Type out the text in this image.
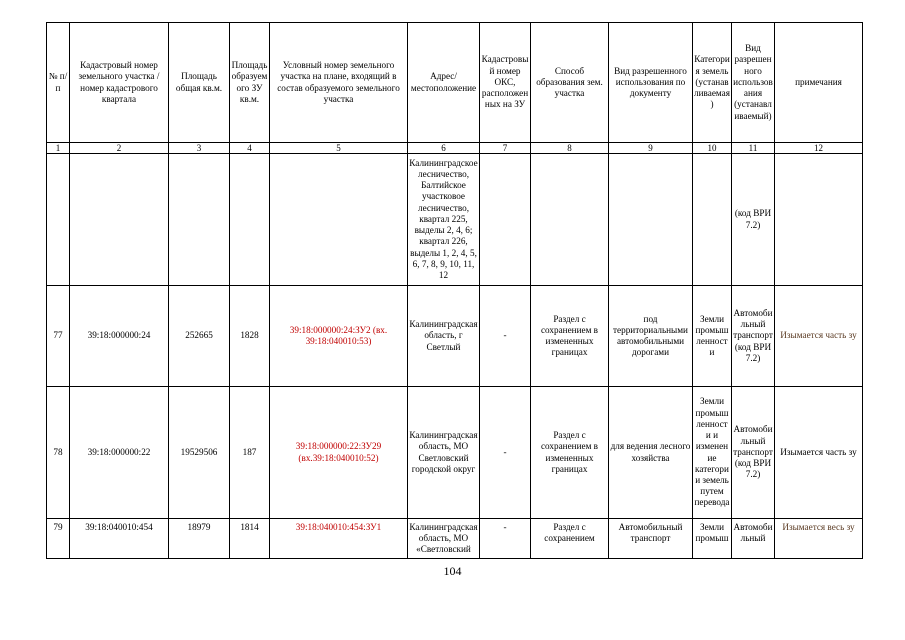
№ п/п	Кадастровый номер земельного участка /номер кадастрового квартала	Площадь общая кв.м.	Площадь образуемого ЗУ кв.м.	Условный номер земельного участка на плане, входящий в состав образуемого земельного участка	Адрес/ местоположение	Кадастровый номер ОКС, расположенных на ЗУ	Способ образования зем. участка	Вид разрешенного использования по документу	Категория земель (устанавливаемая)	Вид разрешенного использования (устанавливаемый)	примечания
1	2	3	4	5	6	7	8	9	10	11	12
					Калининградское лесничество, Балтийское участковое лесничество, квартал 225, выделы 2, 4, 6; квартал 226, выделы 1, 2, 4, 5, 6, 7, 8, 9, 10, 11, 12					(код ВРИ 7.2)	
77	39:18:000000:24	252665	1828	39:18:000000:24:ЗУ2 (вх. 39:18:040010:53)	Калининградская область, г Светлый	-	Раздел с сохранением в измененных границах	под территориальными автомобильными дорогами	Земли промышленности	Автомобильный транспорт (код ВРИ 7.2)	Изымается часть зу
78	39:18:000000:22	19529506	187	39:18:000000:22:ЗУ29 (вх.39:18:040010:52)	Калининградская область, МО Светловский городской округ	-	Раздел с сохранением в измененных границах	для ведения лесного хозяйства	Земли промышленности и изменение категории земель путем перевода	Автомобильный транспорт (код ВРИ 7.2)	Изымается часть зу
79	39:18:040010:454	18979	1814	39:18:040010:454:ЗУ1	Калининградская область, МО «Светловский	-	Раздел с сохранением	Автомобильный транспорт	Земли промыш	Автомобильный	Изымается весь зу
104
